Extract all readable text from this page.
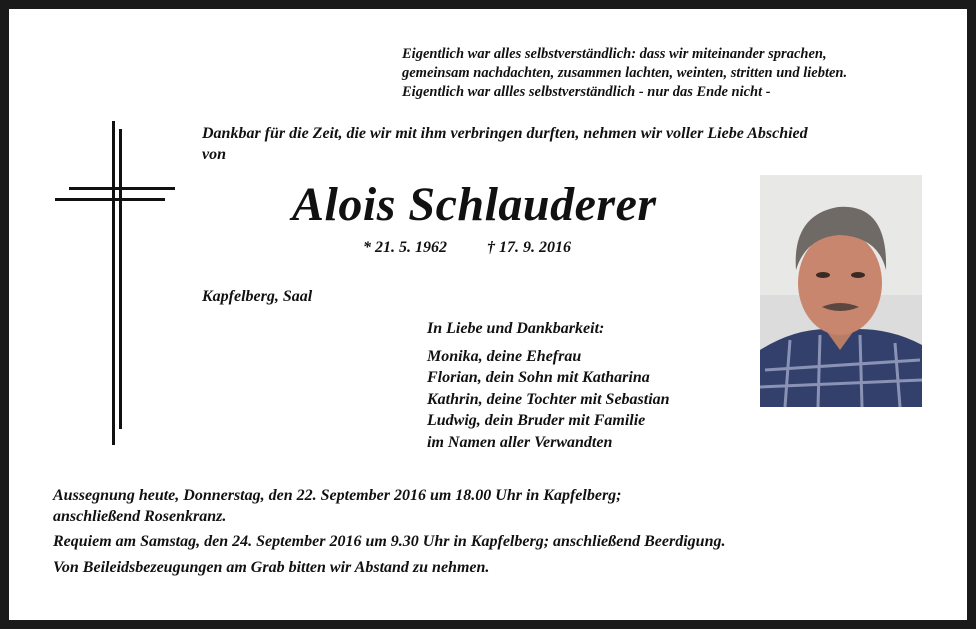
Eigentlich war alles selbstverständlich: dass wir miteinander sprachen,
gemeinsam nachdachten, zusammen lachten, weinten, stritten und liebten.
Eigentlich war allles selbstverständlich - nur das Ende nicht -
Dankbar für die Zeit, die wir mit ihm verbringen durften, nehmen wir voller Liebe Abschied
von
Alois Schlauderer
* 21. 5. 1962	† 17. 9. 2016
Kapfelberg, Saal
In Liebe und Dankbarkeit:
Monika, deine Ehefrau
Florian, dein Sohn mit Katharina
Kathrin, deine Tochter mit Sebastian
Ludwig, dein Bruder mit Familie
im Namen aller Verwandten
Aussegnung heute, Donnerstag, den 22. September 2016 um 18.00 Uhr in Kapfelberg;
anschließend Rosenkranz.
Requiem am Samstag, den 24. September 2016 um 9.30 Uhr in Kapfelberg; anschließend Beerdigung.
Von Beileidsbezeugungen am Grab bitten wir Abstand zu nehmen.
